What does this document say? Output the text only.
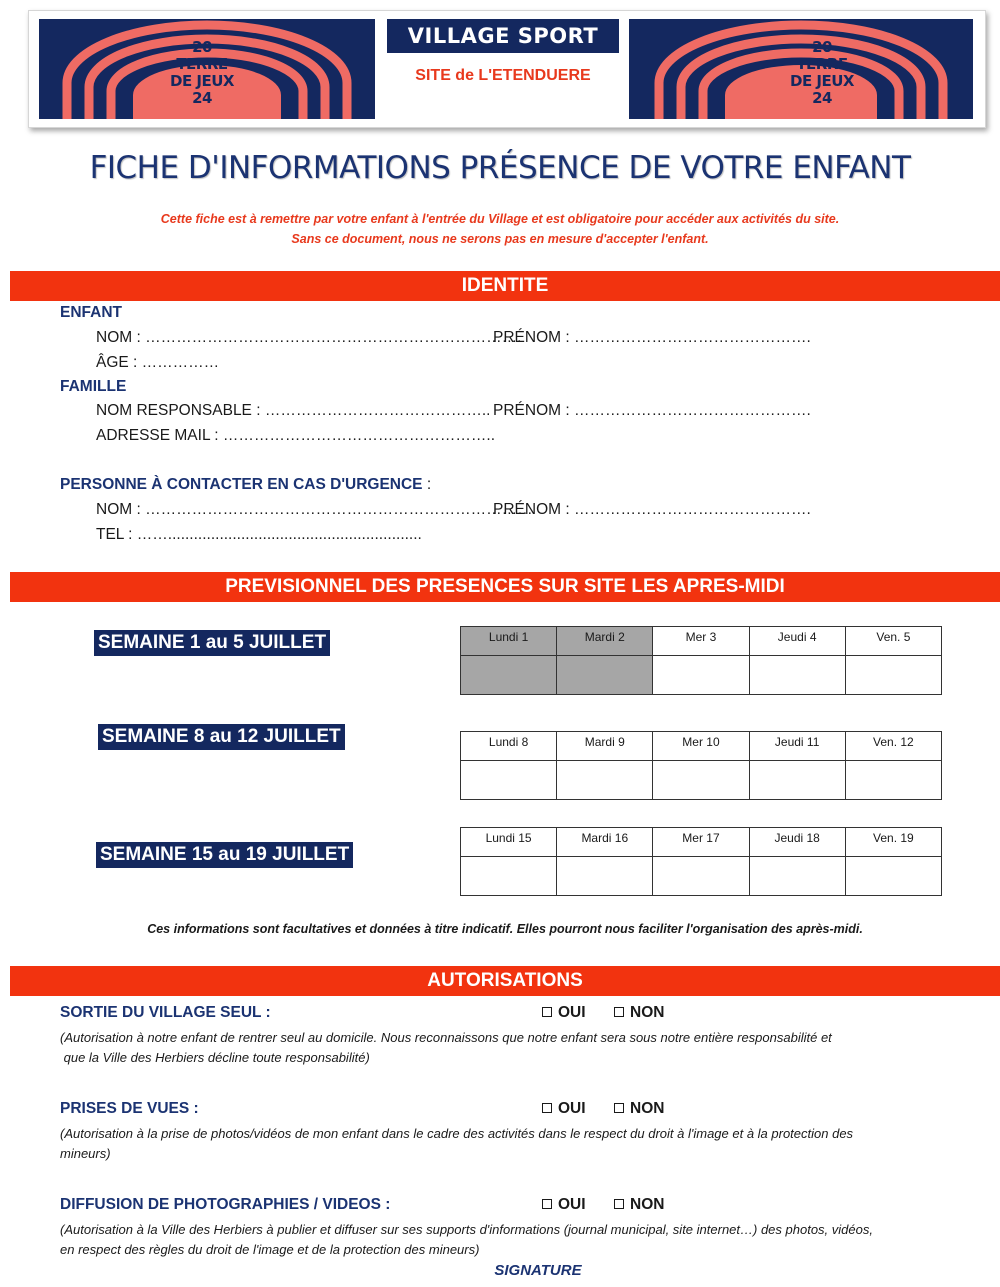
20
TERRE
DE JEUX
24
VILLAGE SPORT
SITE de L'ETENDUERE
20
TERRE
DE JEUX
24
FICHE D'INFORMATIONS PRÉSENCE DE VOTRE ENFANT
Cette fiche est à remettre par votre enfant à l'entrée du Village et est obligatoire pour accéder aux activités du site.
Sans ce document, nous ne serons pas en mesure d'accepter l'enfant.
IDENTITE
ENFANT
NOM : ……………………………………………………………….
PRÉNOM : ……………………………………….
ÂGE : ……………
FAMILLE
NOM RESPONSABLE : …………………………………….. PRÉNOM : ……………………………………….
ADRESSE MAIL : ……………………………………………..
PERSONNE À CONTACTER EN CAS D'URGENCE :
NOM : …………………………………………………………………
PRÉNOM : ……………………………………….
TEL : ……...........................................................
PREVISIONNEL DES PRESENCES SUR SITE LES APRES-MIDI
SEMAINE 1 au 5 JUILLET	Lundi 1	Mardi 2	Mer 3	Jeudi 4	Ven. 5

SEMAINE 8 au 12 JUILLET	Lundi 8	Mardi 9	Mer 10	Jeudi 11	Ven. 12

SEMAINE 15 au 19 JUILLET
Lundi 15	Mardi 16	Mer 17	Jeudi 18	Ven. 19

Ces informations sont facultatives et données à titre indicatif. Elles pourront nous faciliter l'organisation des après-midi.
AUTORISATIONS
SORTIE DU VILLAGE SEUL :	OUI	NON
(Autorisation à notre enfant de rentrer seul au domicile. Nous reconnaissons que notre enfant sera sous notre entière responsabilité et
que la Ville des Herbiers décline toute responsabilité)
PRISES DE VUES :	OUI	NON
(Autorisation à la prise de photos/vidéos de mon enfant dans le cadre des activités dans le respect du droit à l'image et à la protection des
mineurs)
DIFFUSION DE PHOTOGRAPHIES / VIDEOS :	OUI	NON
(Autorisation à la Ville des Herbiers à publier et diffuser sur ses supports d'informations (journal municipal, site internet…) des photos, vidéos,
en respect des règles du droit de l'image et de la protection des mineurs)
SIGNATURE
